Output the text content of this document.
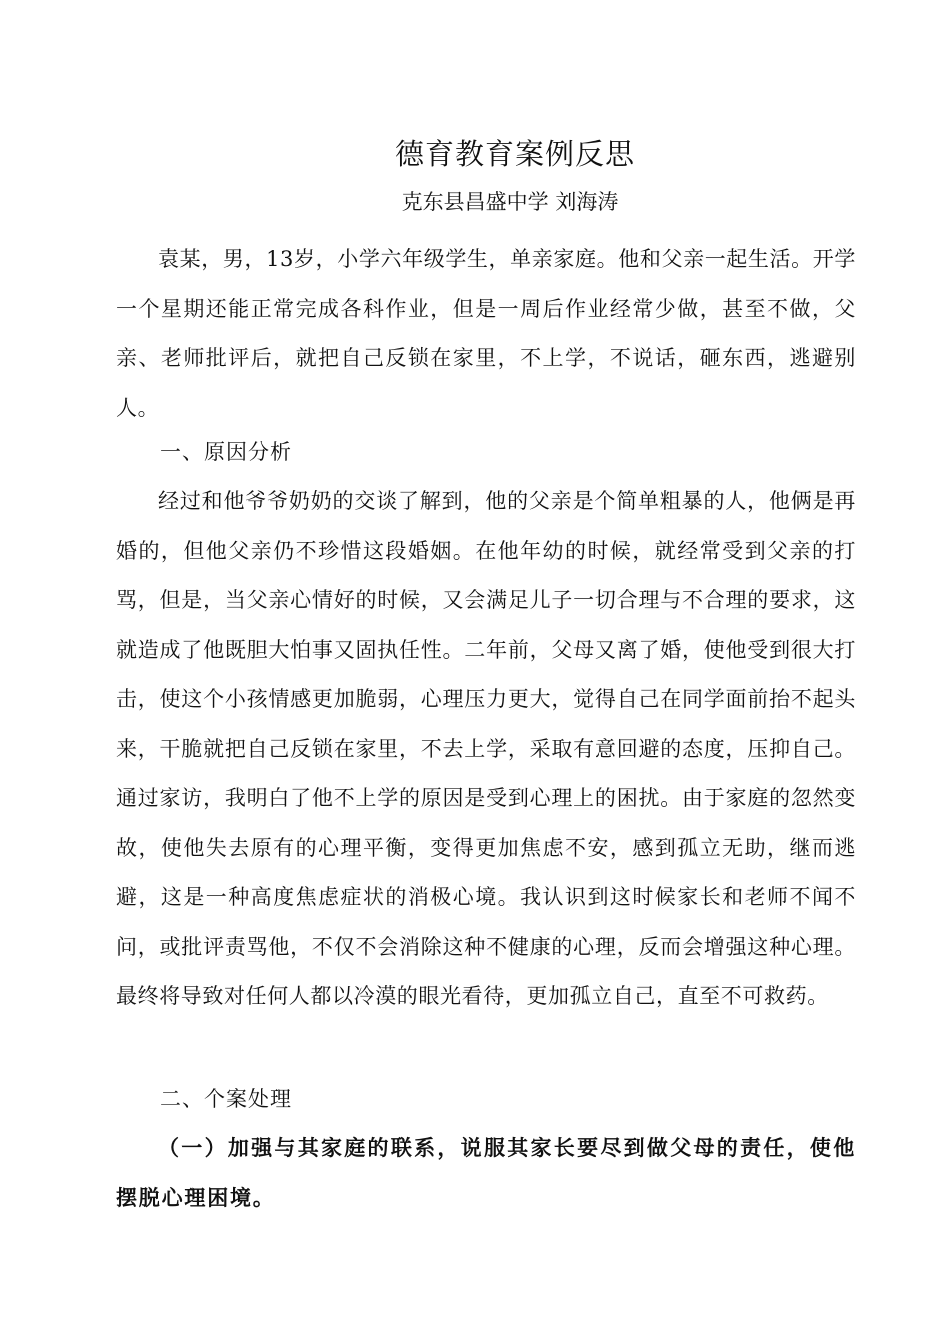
德育教育案例反思
克东县昌盛中学 刘海涛
袁某，男，13岁，小学六年级学生，单亲家庭。他和父亲一起生活。开学一个星期还能正常完成各科作业，但是一周后作业经常少做，甚至不做，父亲、老师批评后，就把自己反锁在家里，不上学，不说话，砸东西，逃避别人。
一、原因分析
经过和他爷爷奶奶的交谈了解到，他的父亲是个简单粗暴的人，他俩是再婚的，但他父亲仍不珍惜这段婚姻。在他年幼的时候，就经常受到父亲的打骂，但是，当父亲心情好的时候，又会满足儿子一切合理与不合理的要求，这就造成了他既胆大怕事又固执任性。二年前，父母又离了婚，使他受到很大打击，使这个小孩情感更加脆弱，心理压力更大，觉得自己在同学面前抬不起头来，干脆就把自己反锁在家里，不去上学，采取有意回避的态度，压抑自己。通过家访，我明白了他不上学的原因是受到心理上的困扰。由于家庭的忽然变故，使他失去原有的心理平衡，变得更加焦虑不安，感到孤立无助，继而逃避，这是一种高度焦虑症状的消极心境。我认识到这时候家长和老师不闻不问，或批评责骂他，不仅不会消除这种不健康的心理，反而会增强这种心理。最终将导致对任何人都以冷漠的眼光看待，更加孤立自己，直至不可救药。
二、个案处理
（一）加强与其家庭的联系，说服其家长要尽到做父母的责任，使他摆脱心理困境。
